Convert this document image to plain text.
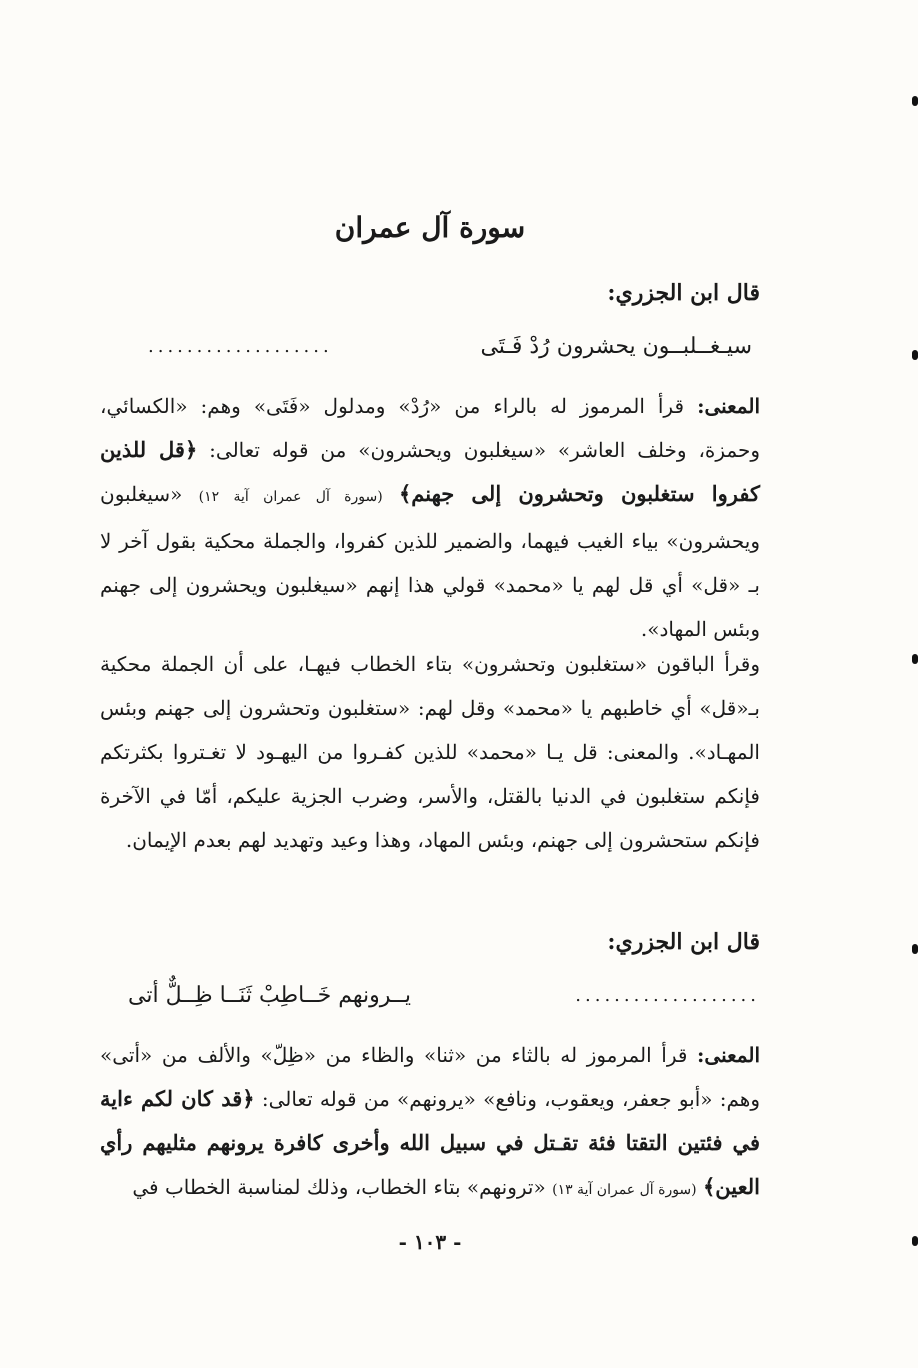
سورة آل عمران
قال ابن الجزري:
سيـغــلبــون يحشرون رُدْ فَـتَى
...................
المعنى: قرأ المرموز له بالراء من «رُدْ» ومدلول «فَتَى» وهم: «الكسائي، وحمزة، وخلف العاشر» «سيغلبون ويحشرون» من قوله تعالى: ﴿قل للذين كفروا ستغلبون وتحشرون إلى جهنم﴾ (سورة آل عمران آية ١٢) «سيغلبون ويحشرون» بياء الغيب فيهما، والضمير للذين كفروا، والجملة محكية بقول آخر لا بـ «قل» أي قل لهم يا «محمد» قولي هذا إنهم «سيغلبون ويحشرون إلى جهنم وبئس المهاد».
وقرأ الباقون «ستغلبون وتحشرون» بتاء الخطاب فيهـا، على أن الجملة محكية بـ«قل» أي خاطبهم يا «محمد» وقل لهم: «ستغلبون وتحشرون إلى جهنم وبئس المهـاد». والمعنى: قل يـا «محمد» للذين كفـروا من اليهـود لا تغـتروا بكثرتكم فإنكم ستغلبون في الدنيا بالقتل، والأسر، وضرب الجزية عليكم، أمّا في الآخرة فإنكم ستحشرون إلى جهنم، وبئس المهاد، وهذا وعيد وتهديد لهم بعدم الإيمان.
قال ابن الجزري:
يــرونهم خَــاطِبْ ثَنَــا ظِــلٌّ أتى	...................
المعنى: قرأ المرموز له بالثاء من «ثنا» والظاء من «ظِلّ» والألف من «أتى» وهم: «أبو جعفر، ويعقوب، ونافع» «يرونهم» من قوله تعالى: ﴿قد كان لكم ءاية في فئتين التقتا فئة تقـتل في سبيل الله وأخرى كافرة يرونهم مثليهم رأي العين﴾ (سورة آل عمران آية ١٣) «ترونهم» بتاء الخطاب، وذلك لمناسبة الخطاب في
- ١٠٣ -
